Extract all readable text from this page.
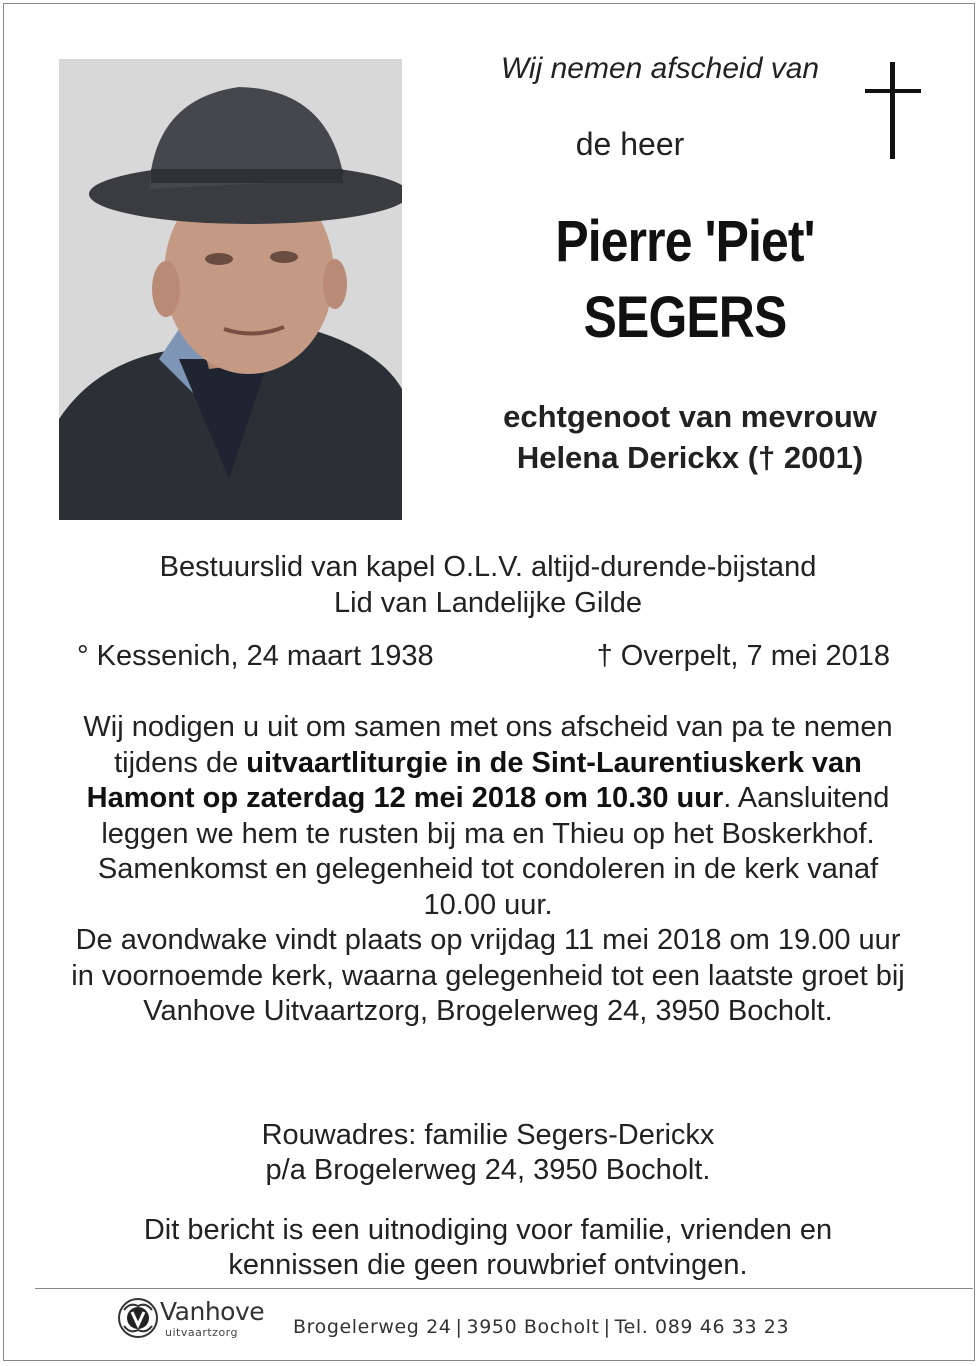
Wij nemen afscheid van
de heer
Pierre 'Piet'
SEGERS
echtgenoot van mevrouw
Helena Derickx († 2001)
Bestuurslid van kapel O.L.V. altijd-durende-bijstand
Lid van Landelijke Gilde
° Kessenich, 24 maart 1938	† Overpelt, 7 mei 2018
Wij nodigen u uit om samen met ons afscheid van pa te nemen tijdens de uitvaartliturgie in de Sint-Laurentiuskerk van Hamont op zaterdag 12 mei 2018 om 10.30 uur. Aansluitend leggen we hem te rusten bij ma en Thieu op het Boskerkhof.
Samenkomst en gelegenheid tot condoleren in de kerk vanaf 10.00 uur.
De avondwake vindt plaats op vrijdag 11 mei 2018 om 19.00 uur in voornoemde kerk, waarna gelegenheid tot een laatste groet bij Vanhove Uitvaartzorg, Brogelerweg 24, 3950 Bocholt.
Rouwadres: familie Segers-Derickx
p/a Brogelerweg 24, 3950 Bocholt.
Dit bericht is een uitnodiging voor familie, vrienden en
kennissen die geen rouwbrief ontvingen.
Vanhove
uitvaartzorg	Brogelerweg 24 | 3950 Bocholt | Tel. 089 46 33 23
